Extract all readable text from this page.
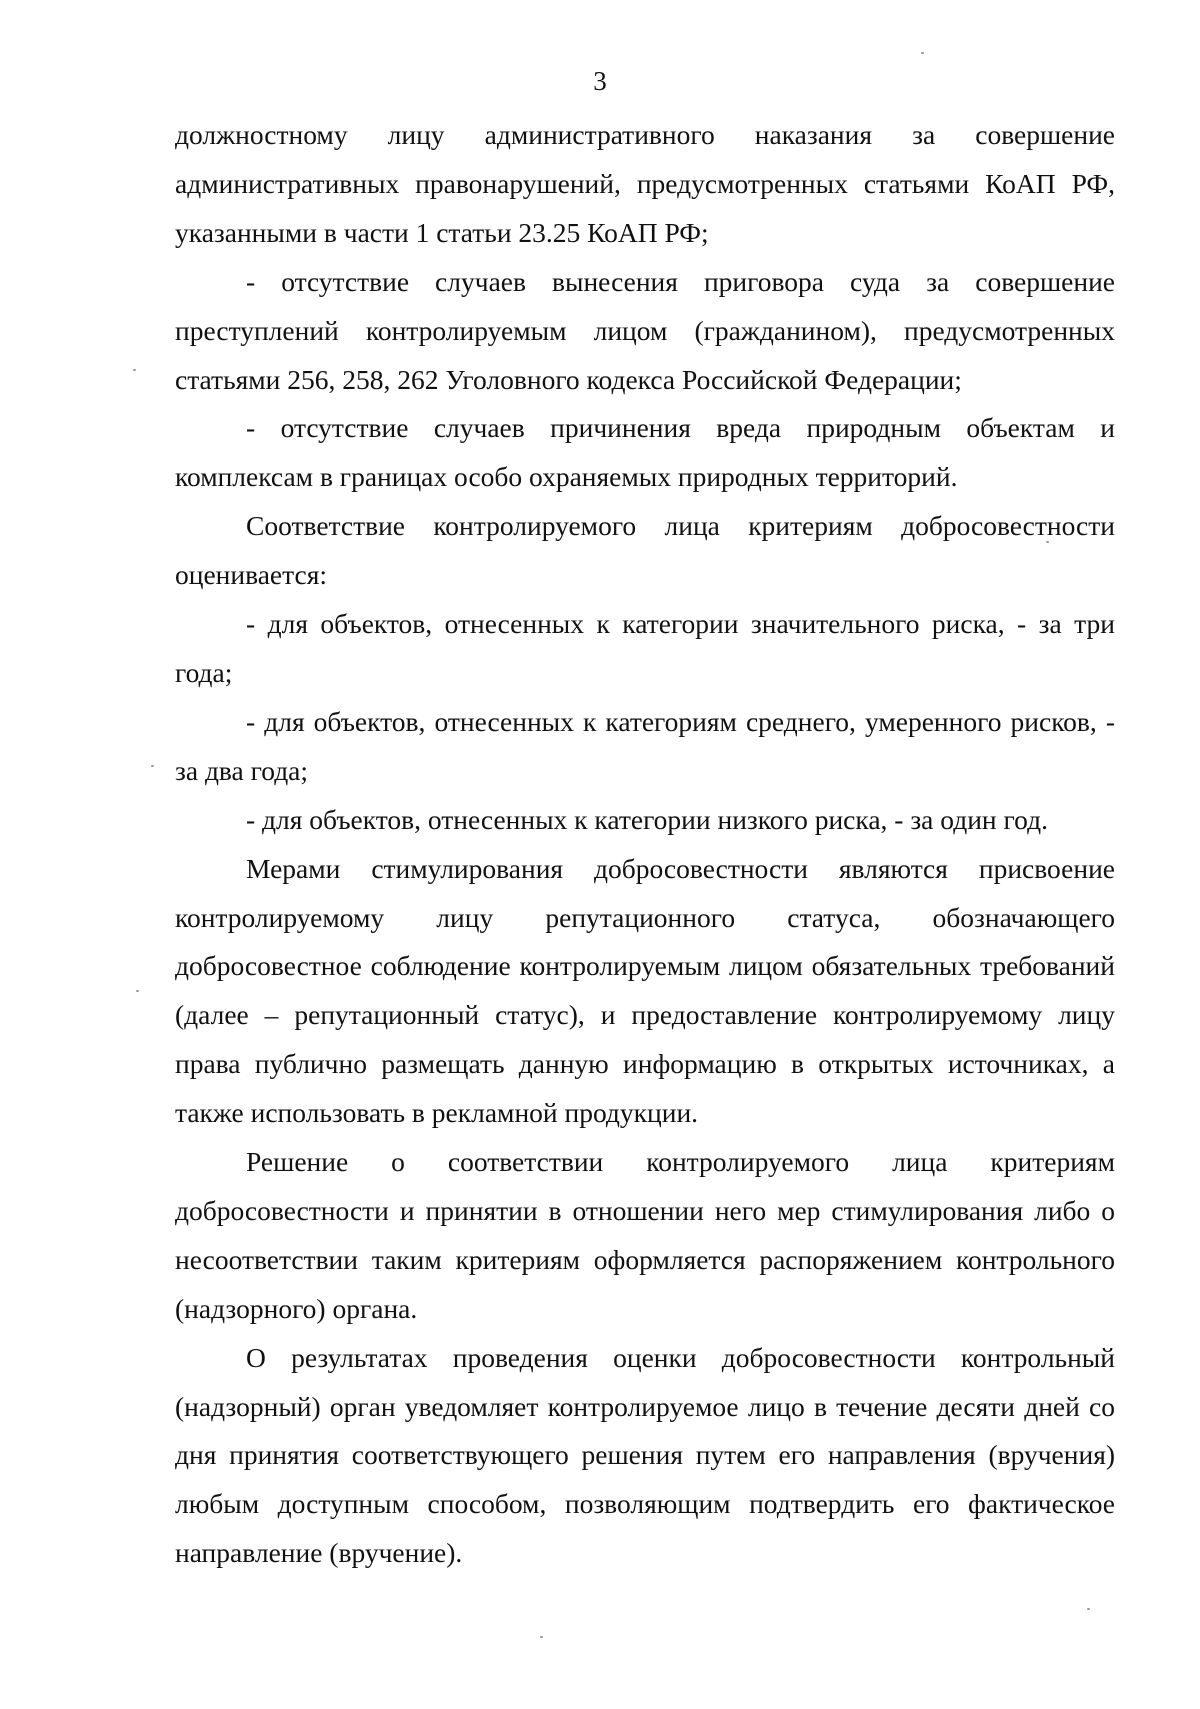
3

должностному лицу административного наказания за совершение административных правонарушений, предусмотренных статьями КоАП РФ, указанными в части 1 статьи 23.25 КоАП РФ;

- отсутствие случаев вынесения приговора суда за совершение преступлений контролируемым лицом (гражданином), предусмотренных статьями 256, 258, 262 Уголовного кодекса Российской Федерации;

- отсутствие случаев причинения вреда природным объектам и комплексам в границах особо охраняемых природных территорий.

Соответствие контролируемого лица критериям добросовестности оценивается:

- для объектов, отнесенных к категории значительного риска, - за три года;

- для объектов, отнесенных к категориям среднего, умеренного рисков, - за два года;

- для объектов, отнесенных к категории низкого риска, - за один год.

Мерами стимулирования добросовестности являются присвоение контролируемому лицу репутационного статуса, обозначающего добросовестное соблюдение контролируемым лицом обязательных требований (далее – репутационный статус), и предоставление контролируемому лицу права публично размещать данную информацию в открытых источниках, а также использовать в рекламной продукции.

Решение о соответствии контролируемого лица критериям добросовестности и принятии в отношении него мер стимулирования либо о несоответствии таким критериям оформляется распоряжением контрольного (надзорного) органа.

О результатах проведения оценки добросовестности контрольный (надзорный) орган уведомляет контролируемое лицо в течение десяти дней со дня принятия соответствующего решения путем его направления (вручения) любым доступным способом, позволяющим подтвердить его фактическое направление (вручение).
